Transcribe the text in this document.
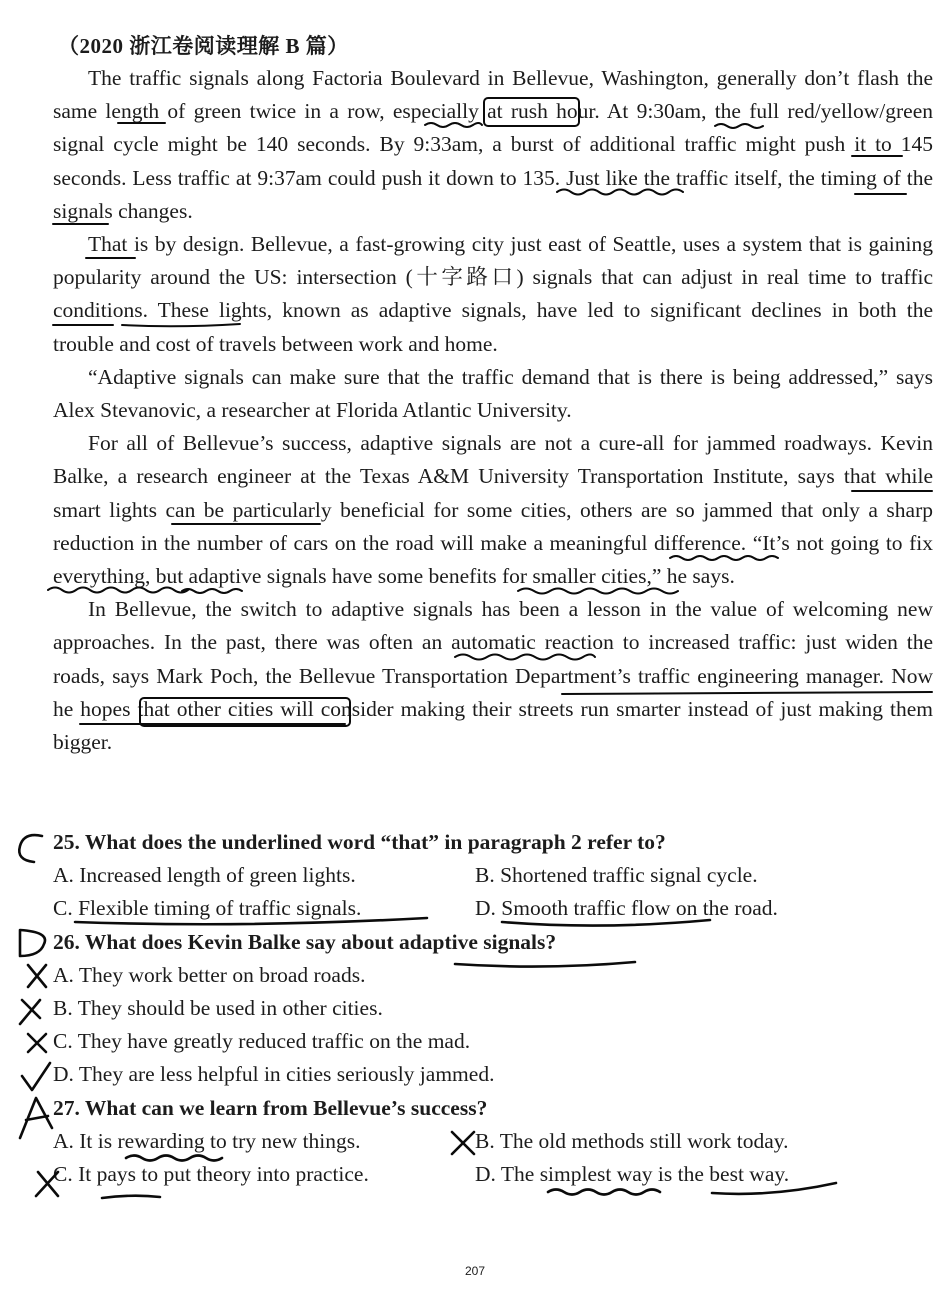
（2020 浙江卷阅读理解 B 篇）

The traffic signals along Factoria Boulevard in Bellevue, Washington, generally don’t flash the same length of green twice in a row, especially at rush hour. At 9:30am, the full red/yellow/green signal cycle might be 140 seconds. By 9:33am, a burst of additional traffic might push it to 145 seconds. Less traffic at 9:37am could push it down to 135. Just like the traffic itself, the timing of the signals changes.

That is by design. Bellevue, a fast-growing city just east of Seattle, uses a system that is gaining popularity around the US: intersection (十字路口) signals that can adjust in real time to traffic conditions. These lights, known as adaptive signals, have led to significant declines in both the trouble and cost of travels between work and home.

“Adaptive signals can make sure that the traffic demand that is there is being addressed,” says Alex Stevanovic, a researcher at Florida Atlantic University.

For all of Bellevue’s success, adaptive signals are not a cure-all for jammed roadways. Kevin Balke, a research engineer at the Texas A&M University Transportation Institute, says that while smart lights can be particularly beneficial for some cities, others are so jammed that only a sharp reduction in the number of cars on the road will make a meaningful difference. “It’s not going to fix everything, but adaptive signals have some benefits for smaller cities,” he says.

In Bellevue, the switch to adaptive signals has been a lesson in the value of welcoming new approaches. In the past, there was often an automatic reaction to increased traffic: just widen the roads, says Mark Poch, the Bellevue Transportation Department’s traffic engineering manager. Now he hopes that other cities will consider making their streets run smarter instead of just making them bigger.

25. What does the underlined word “that” in paragraph 2 refer to?
A. Increased length of green lights.	B. Shortened traffic signal cycle.
C. Flexible timing of traffic signals.	D. Smooth traffic flow on the road.
26. What does Kevin Balke say about adaptive signals?
A. They work better on broad roads.
B. They should be used in other cities.
C. They have greatly reduced traffic on the mad.
D. They are less helpful in cities seriously jammed.
27. What can we learn from Bellevue’s success?
A. It is rewarding to try new things.	B. The old methods still work today.
C. It pays to put theory into practice.	D. The simplest way is the best way.
207
